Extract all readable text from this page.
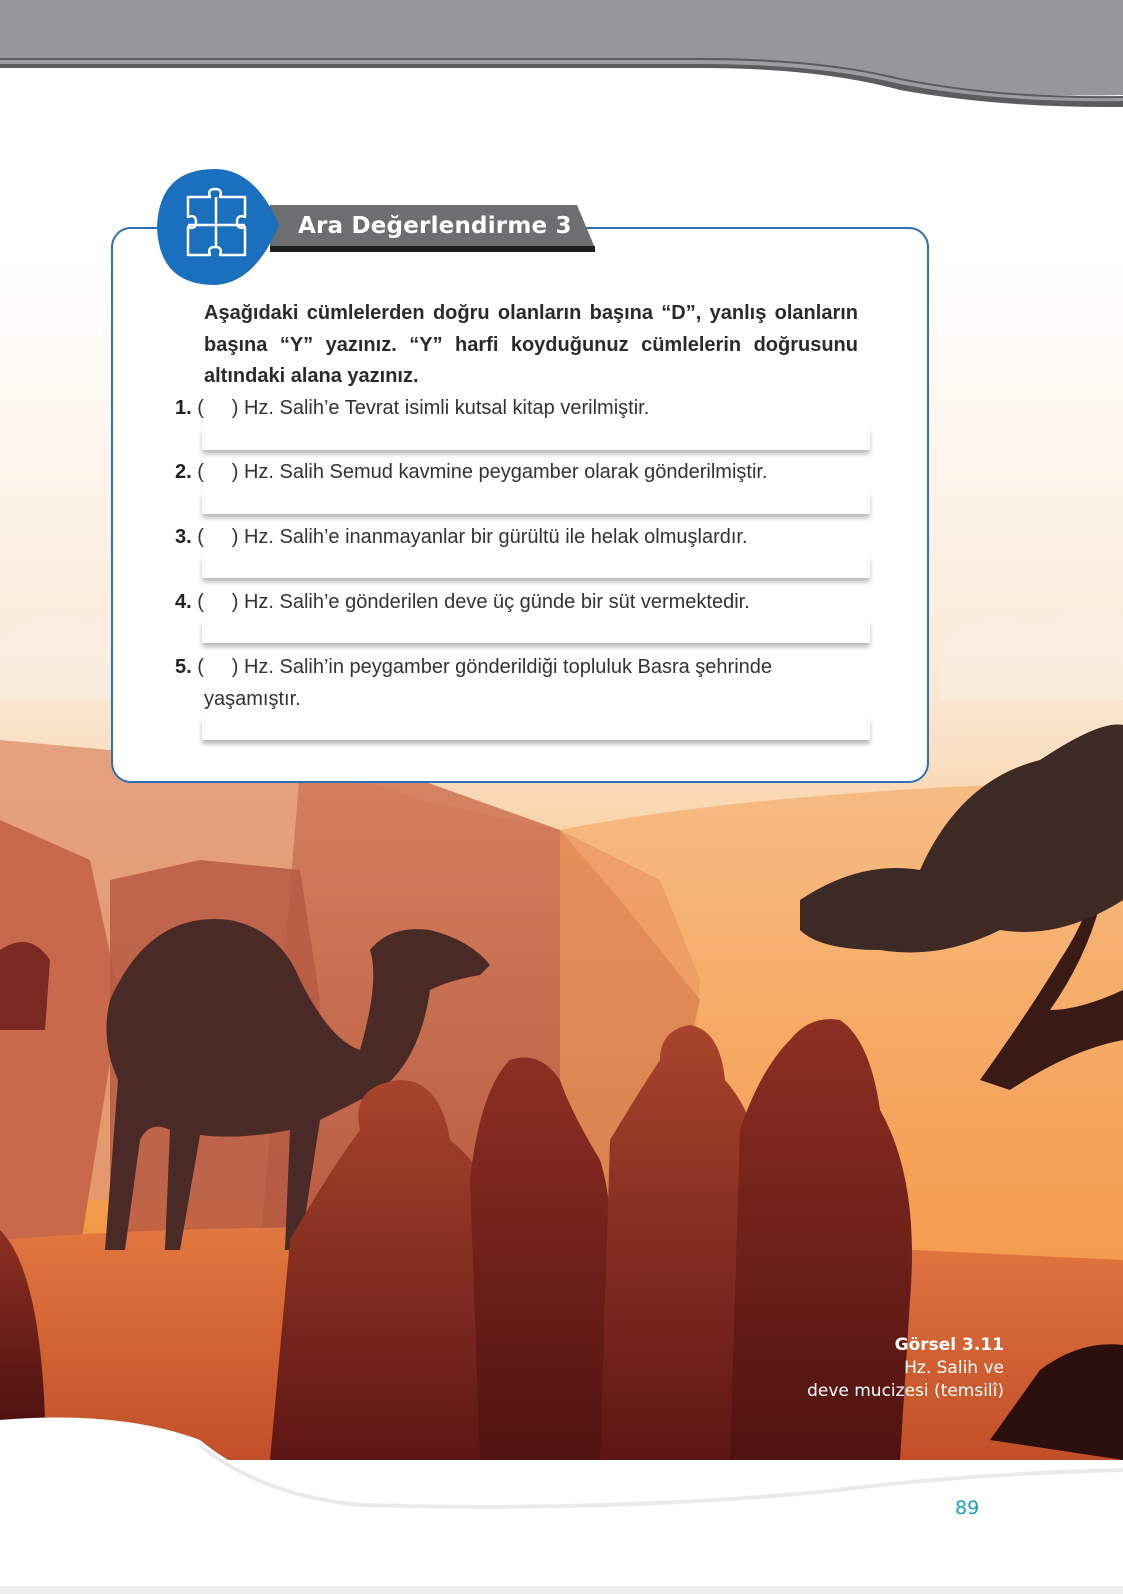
Ara Değerlendirme 3

Aşağıdaki cümlelerden doğru olanların başına “D”, yanlış olanların başına “Y” yazınız. “Y” harfi koyduğunuz cümlelerin doğrusunu altındaki alana yazınız.

1. ( ) Hz. Salih’e Tevrat isimli kutsal kitap verilmiştir.
2. ( ) Hz. Salih Semud kavmine peygamber olarak gönderilmiştir.
3. ( ) Hz. Salih’e inanmayanlar bir gürültü ile helak olmuşlardır.
4. ( ) Hz. Salih’e gönderilen deve üç günde bir süt vermektedir.
5. ( ) Hz. Salih’in peygamber gönderildiği topluluk Basra şehrinde
yaşamıştır.
Görsel 3.11
Hz. Salih ve
deve mucizesi (temsilî)
89
